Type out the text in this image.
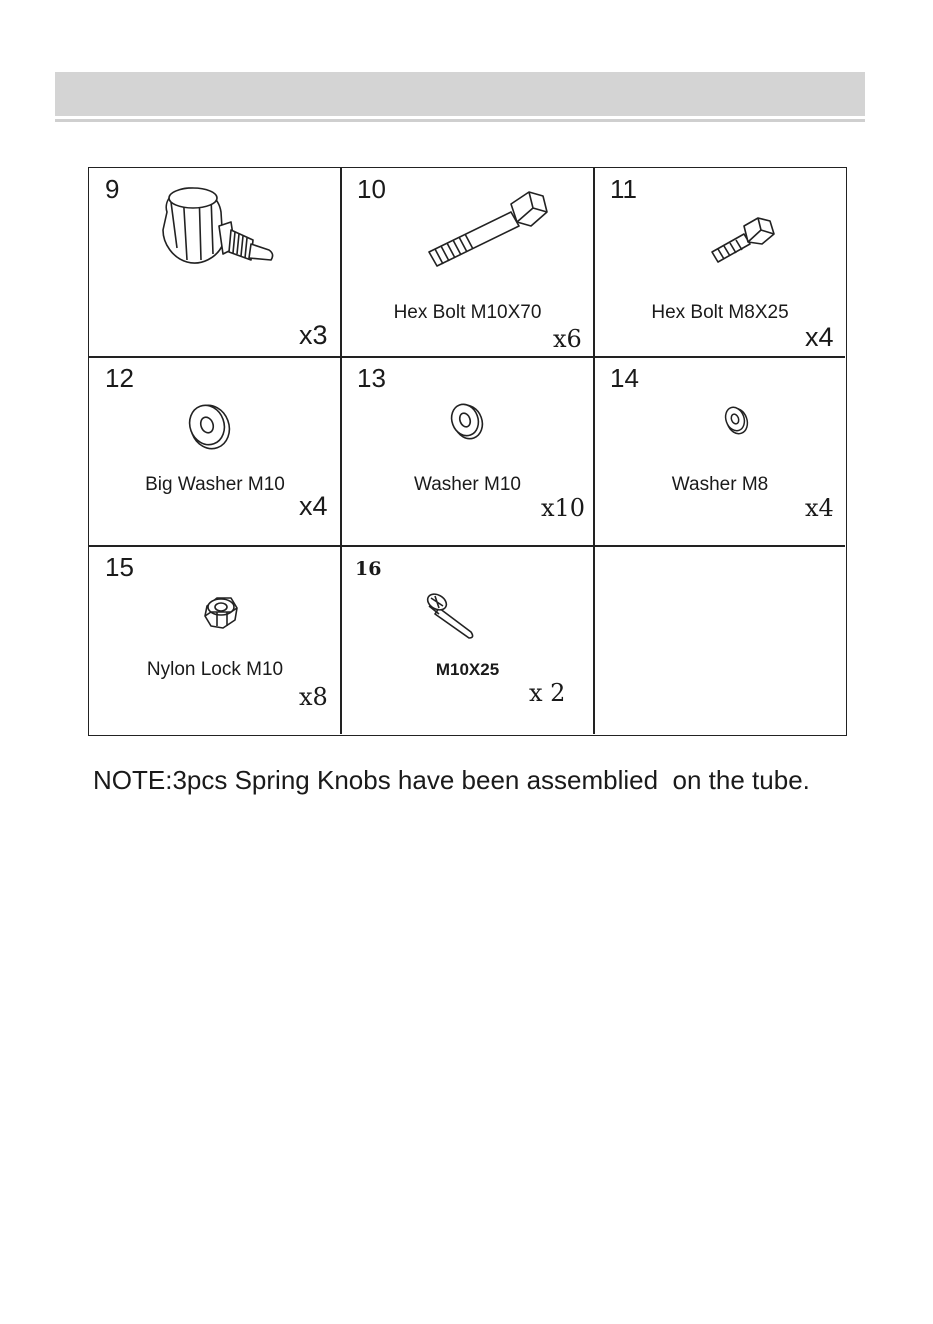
9
x3
10
Hex Bolt M10X70
x6
11
Hex Bolt M8X25
x4
12
Big Washer M10
x4
13
Washer M10
x10
14
Washer M8
x4
15
Nylon Lock M10
x8
16
M10X25
x 2
NOTE:3pcs Spring Knobs have been assemblied  on the tube.
